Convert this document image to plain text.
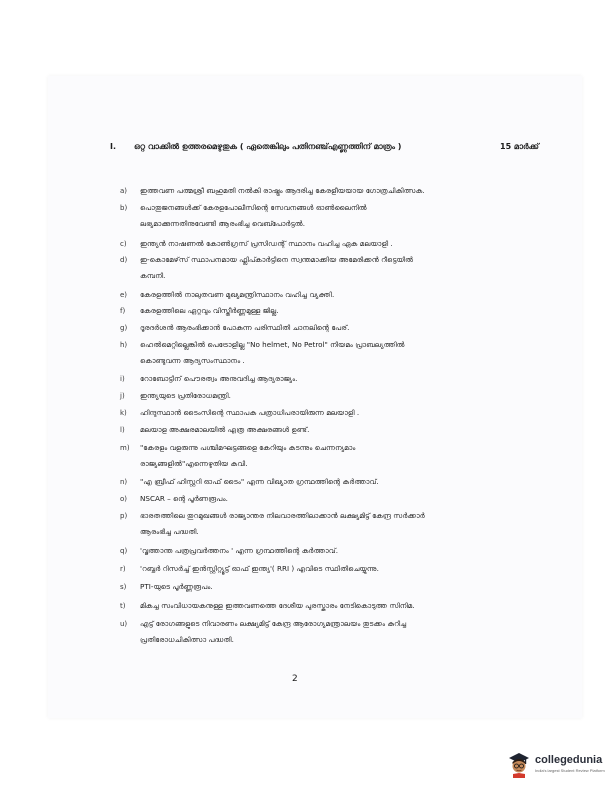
I. ഒറ്റ വാക്കിൽ ഉത്തരമെഴുതുക ( ഏതെങ്കിലും പതിനഞ്ച്എണ്ണത്തിന് മാത്രം )	15 മാർക്ക്
a)	ഇത്തവണ പത്മശ്രീ ബഹുമതി നൽകി രാഷ്ട്രം ആദരിച്ച കേരളീയയായ ഗോത്രചികിത്സക.
b)	പൊതുജനങ്ങൾക്ക് കേരളപോലീസിന്റെ സേവനങ്ങൾ ഓൺലൈനിൽ
ലഭ്യമാക്കുന്നതിനുവേണ്ടി ആരംഭിച്ച വെബ്പോർട്ടൽ.
c)	ഇന്ത്യൻ നാഷണൽ കോൺഗ്രസ് പ്രസിഡന്റ് സ്ഥാനം വഹിച്ച ഏക മലയാളി .
d)	ഇ-കൊമേഴ്‌സ് സ്ഥാപനമായ ഫ്ലിപ്കാർട്ടിനെ സ്വന്തമാക്കിയ അമേരിക്കൻ റീട്ടെയിൽ
കമ്പനി.
e)	കേരളത്തിൽ നാലുതവണ മുഖ്യമന്ത്രിസ്ഥാനം വഹിച്ച വ്യക്തി.
f)	കേരളത്തിലെ ഏറ്റവും വിസ്തീർണ്ണമുള്ള ജില്ല.
g)	ദൂരദർശൻ ആരംഭിക്കാൻ പോകുന്ന പരിസ്ഥിതി ചാനലിന്റെ പേര്.
h)	ഹെൽമെറ്റില്ലെങ്കിൽ പെട്രോളില്ല "No helmet, No Petrol" നിയമം പ്രാബല്യത്തിൽ
കൊണ്ടുവന്ന ആദ്യസംസ്ഥാനം .
i)	റോബോട്ടിന് പൌരത്വം അനുവദിച്ച ആദ്യരാജ്യം.
j)	ഇന്ത്യയുടെ പ്രതിരോധമന്ത്രി.
k)	ഹിന്ദുസ്ഥാൻ ടൈംസിന്റെ സ്ഥാപക പത്രാധിപരായിരുന്ന മലയാളി .
l)	മലയാള അക്ഷരമാലയിൽ എത്ര അക്ഷരങ്ങൾ ഉണ്ട്.
m)	"കേരളം വളരുന്നു പശ്ചിമഘട്ടങ്ങളെ കേറിയും കടന്നും ചെന്നന്യമാം
രാജ്യങ്ങളിൽ"എന്നെഴുതിയ കവി.
n)	"എ ബ്രീഫ് ഹിസ്റ്ററി ഓഫ് ടൈം" എന്ന വിഖ്യാത ഗ്രന്ഥത്തിന്റെ കർത്താവ്.
o)	NSCAR – ന്റെ പൂർണരൂപം.
p)	ഭാരതത്തിലെ തുറമുഖങ്ങൾ രാജ്യാന്തര നിലവാരത്തിലാക്കാൻ ലക്ഷ്യമിട്ട് കേന്ദ്ര സർക്കാർ
ആരംഭിച്ച പദ്ധതി.
q)	'വൃത്താന്ത പത്രപ്രവർത്തനം ' എന്ന ഗ്രന്ഥത്തിന്റെ കർത്താവ്.
r)	'റബ്ബർ റിസർച്ച് ഇൻസ്റ്റിറ്റ്യൂട്ട് ഓഫ് ഇന്ത്യ'( RRI ) എവിടെ സ്ഥിതിചെയ്യുന്നു.
s)	PTI-യുടെ പൂർണ്ണരൂപം.
t)	മികച്ച സംവിധായകനുള്ള ഇത്തവണത്തെ ദേശീയ പുരസ്കാരം നേടികൊടുത്ത സിനിമ.
u)	എട്ട് രോഗങ്ങളുടെ നിവാരണം ലക്ഷ്യമിട്ട് കേന്ദ്ര ആരോഗ്യമന്ത്രാലയം തുടക്കം കുറിച്ച
പ്രതിരോധചികിത്സാ പദ്ധതി.
2
collegedunia
India's largest Student Review Platform
